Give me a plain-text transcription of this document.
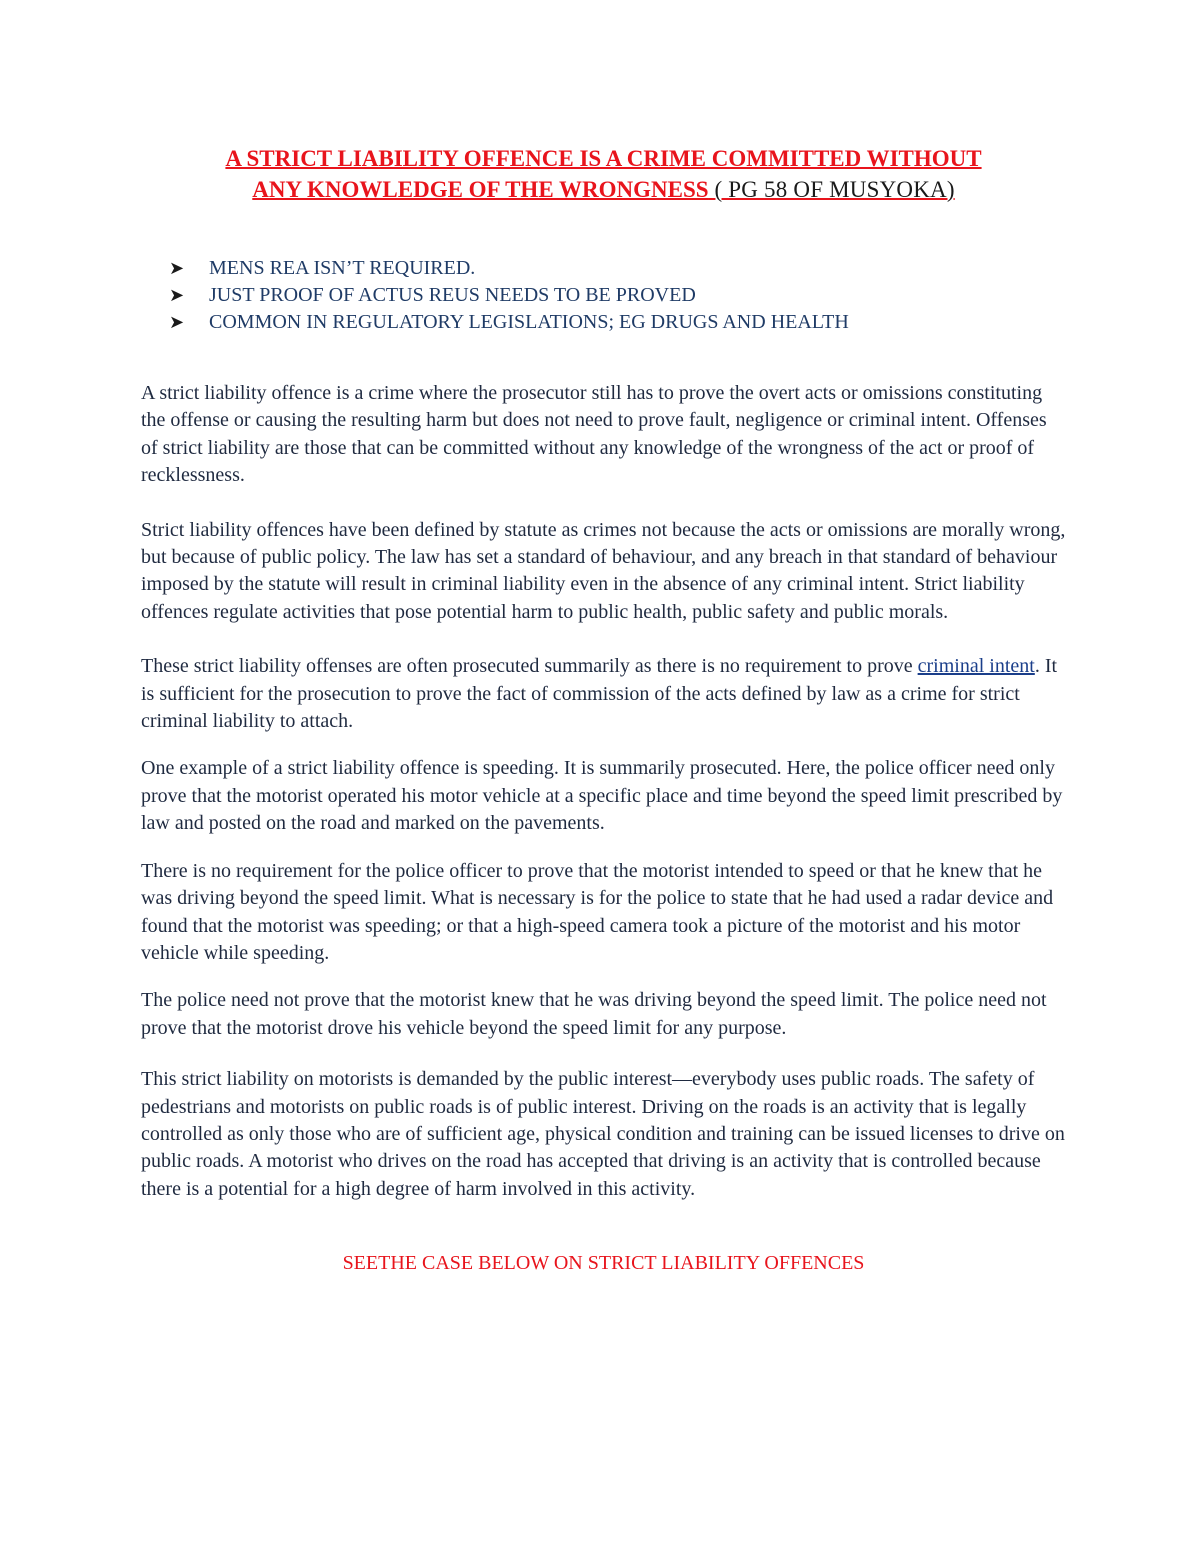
A STRICT LIABILITY OFFENCE IS A CRIME COMMITTED WITHOUT
ANY KNOWLEDGE OF THE WRONGNESS ( PG 58 OF MUSYOKA)
➤	MENS REA ISN’T REQUIRED.
➤	JUST PROOF OF ACTUS REUS NEEDS TO BE PROVED
➤	COMMON IN REGULATORY LEGISLATIONS; EG DRUGS AND HEALTH

A strict liability offence is a crime where the prosecutor still has to prove the overt acts or omissions constituting the offense or causing the resulting harm but does not need to prove fault, negligence or criminal intent. Offenses of strict liability are those that can be committed without any knowledge of the wrongness of the act or proof of recklessness.

Strict liability offences have been defined by statute as crimes not because the acts or omissions are morally wrong, but because of public policy. The law has set a standard of behaviour, and any breach in that standard of behaviour imposed by the statute will result in criminal liability even in the absence of any criminal intent. Strict liability offences regulate activities that pose potential harm to public health, public safety and public morals.

These strict liability offenses are often prosecuted summarily as there is no requirement to prove criminal intent. It is sufficient for the prosecution to prove the fact of commission of the acts defined by law as a crime for strict criminal liability to attach.

One example of a strict liability offence is speeding. It is summarily prosecuted. Here, the police officer need only prove that the motorist operated his motor vehicle at a specific place and time beyond the speed limit prescribed by law and posted on the road and marked on the pavements.

There is no requirement for the police officer to prove that the motorist intended to speed or that he knew that he was driving beyond the speed limit. What is necessary is for the police to state that he had used a radar device and found that the motorist was speeding; or that a high-speed camera took a picture of the motorist and his motor vehicle while speeding.

The police need not prove that the motorist knew that he was driving beyond the speed limit. The police need not prove that the motorist drove his vehicle beyond the speed limit for any purpose.

This strict liability on motorists is demanded by the public interest—everybody uses public roads. The safety of pedestrians and motorists on public roads is of public interest. Driving on the roads is an activity that is legally controlled as only those who are of sufficient age, physical condition and training can be issued licenses to drive on public roads. A motorist who drives on the road has accepted that driving is an activity that is controlled because there is a potential for a high degree of harm involved in this activity.

SEETHE CASE BELOW ON STRICT LIABILITY OFFENCES
